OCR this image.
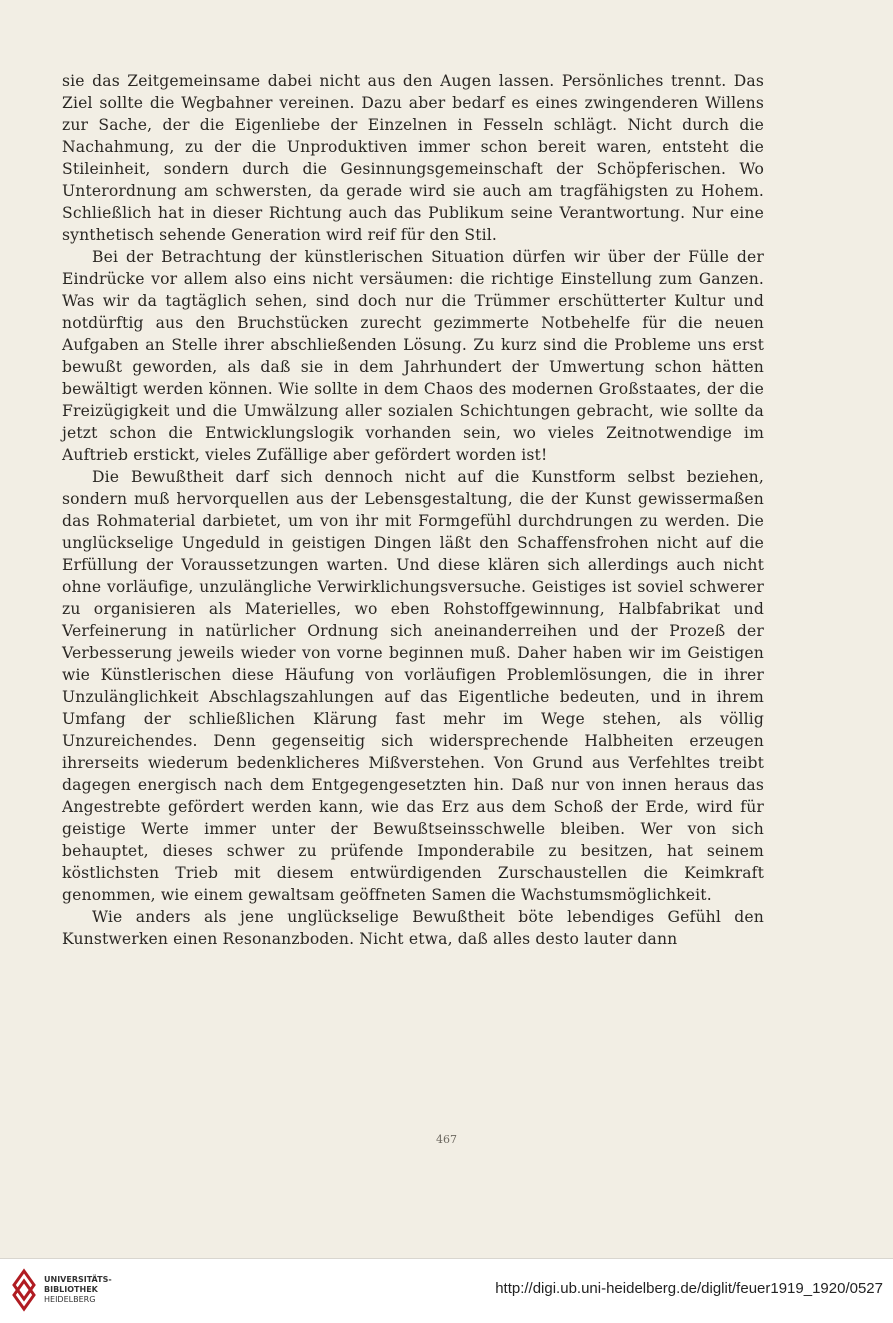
sie das Zeitgemeinsame dabei nicht aus den Augen lassen. Persönliches trennt. Das Ziel sollte die Wegbahner vereinen. Dazu aber bedarf es eines zwingenderen Willens zur Sache, der die Eigenliebe der Einzelnen in Fesseln schlägt. Nicht durch die Nachahmung, zu der die Unproduktiven immer schon bereit waren, entsteht die Stileinheit, sondern durch die Gesinnungsgemeinschaft der Schöpferischen. Wo Unterordnung am schwersten, da gerade wird sie auch am tragfähigsten zu Hohem. Schließlich hat in dieser Richtung auch das Publikum seine Verantwortung. Nur eine synthetisch sehende Generation wird reif für den Stil.

Bei der Betrachtung der künstlerischen Situation dürfen wir über der Fülle der Eindrücke vor allem also eins nicht versäumen: die richtige Einstellung zum Ganzen. Was wir da tagtäglich sehen, sind doch nur die Trümmer erschütterter Kultur und notdürftig aus den Bruchstücken zurecht gezimmerte Notbehelfe für die neuen Aufgaben an Stelle ihrer abschließenden Lösung. Zu kurz sind die Probleme uns erst bewußt geworden, als daß sie in dem Jahrhundert der Umwertung schon hätten bewältigt werden können. Wie sollte in dem Chaos des modernen Großstaates, der die Freizügigkeit und die Umwälzung aller sozialen Schichtungen gebracht, wie sollte da jetzt schon die Entwicklungslogik vorhanden sein, wo vieles Zeitnotwendige im Auftrieb erstickt, vieles Zufällige aber gefördert worden ist!

Die Bewußtheit darf sich dennoch nicht auf die Kunstform selbst beziehen, sondern muß hervorquellen aus der Lebensgestaltung, die der Kunst gewissermaßen das Rohmaterial darbietet, um von ihr mit Formgefühl durchdrungen zu werden. Die unglückselige Ungeduld in geistigen Dingen läßt den Schaffensfrohen nicht auf die Erfüllung der Voraussetzungen warten. Und diese klären sich allerdings auch nicht ohne vorläufige, unzulängliche Verwirklichungsversuche. Geistiges ist soviel schwerer zu organisieren als Materielles, wo eben Rohstoffgewinnung, Halbfabrikat und Verfeinerung in natürlicher Ordnung sich aneinanderreihen und der Prozeß der Verbesserung jeweils wieder von vorne beginnen muß. Daher haben wir im Geistigen wie Künstlerischen diese Häufung von vorläufigen Problemlösungen, die in ihrer Unzulänglichkeit Abschlagszahlungen auf das Eigentliche bedeuten, und in ihrem Umfang der schließlichen Klärung fast mehr im Wege stehen, als völlig Unzureichendes. Denn gegenseitig sich widersprechende Halbheiten erzeugen ihrerseits wiederum bedenklicheres Mißverstehen. Von Grund aus Verfehltes treibt dagegen energisch nach dem Entgegengesetzten hin. Daß nur von innen heraus das Angestrebte gefördert werden kann, wie das Erz aus dem Schoß der Erde, wird für geistige Werte immer unter der Bewußtseinsschwelle bleiben. Wer von sich behauptet, dieses schwer zu prüfende Imponderabile zu besitzen, hat seinem köstlichsten Trieb mit diesem entwürdigenden Zurschaustellen die Keimkraft genommen, wie einem gewaltsam geöffneten Samen die Wachstumsmöglichkeit.

Wie anders als jene unglückselige Bewußtheit böte lebendiges Gefühl den Kunstwerken einen Resonanzboden. Nicht etwa, daß alles desto lauter dann

467
UNIVERSITÄTS-
BIBLIOTHEK
HEIDELBERG
http://digi.ub.uni-heidelberg.de/diglit/feuer1919_1920/0527
